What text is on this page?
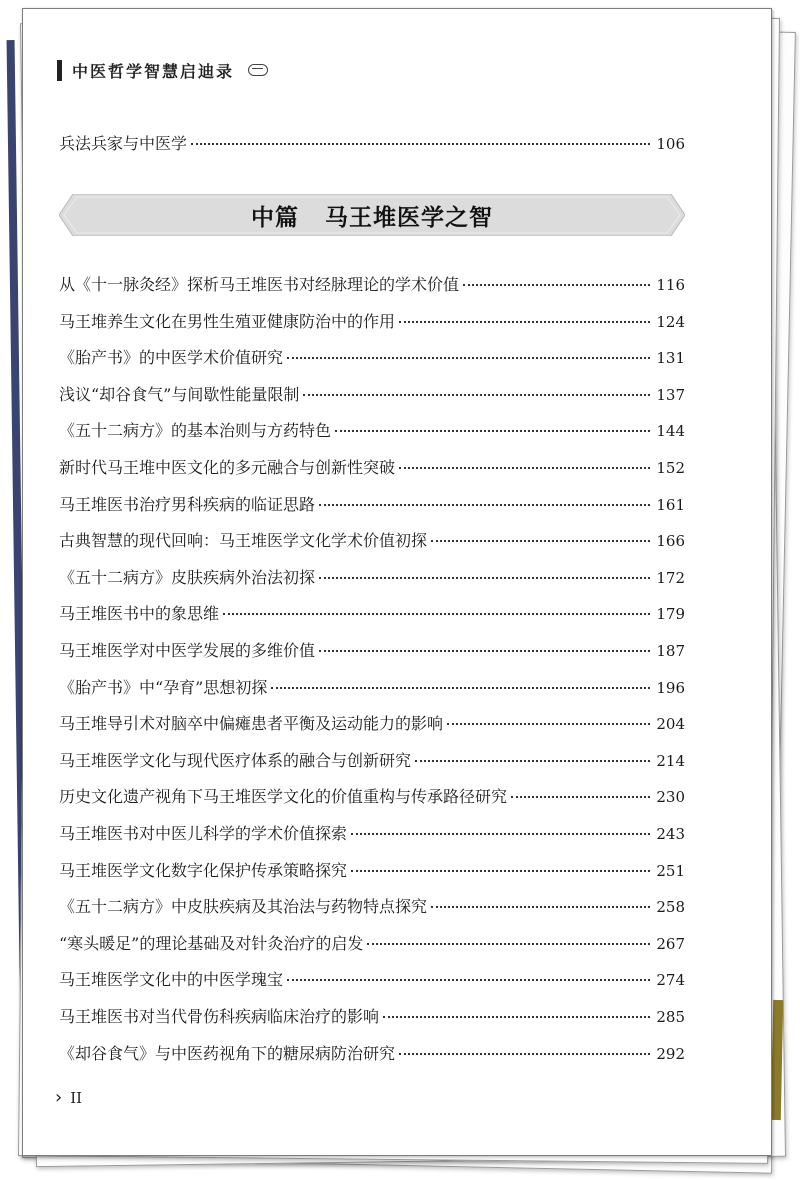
中医哲学智慧启迪录
兵法兵家与中医学	106
中篇 马王堆医学之智
从《十一脉灸经》探析马王堆医书对经脉理论的学术价值	116
马王堆养生文化在男性生殖亚健康防治中的作用	124
《胎产书》的中医学术价值研究	131
浅议“却谷食气”与间歇性能量限制	137
《五十二病方》的基本治则与方药特色	144
新时代马王堆中医文化的多元融合与创新性突破	152
马王堆医书治疗男科疾病的临证思路	161
古典智慧的现代回响：马王堆医学文化学术价值初探	166
《五十二病方》皮肤疾病外治法初探	172
马王堆医书中的象思维	179
马王堆医学对中医学发展的多维价值	187
《胎产书》中“孕育”思想初探	196
马王堆导引术对脑卒中偏瘫患者平衡及运动能力的影响	204
马王堆医学文化与现代医疗体系的融合与创新研究	214
历史文化遗产视角下马王堆医学文化的价值重构与传承路径研究	230
马王堆医书对中医儿科学的学术价值探索	243
马王堆医学文化数字化保护传承策略探究	251
《五十二病方》中皮肤疾病及其治法与药物特点探究	258
“寒头暖足”的理论基础及对针灸治疗的启发	267
马王堆医学文化中的中医学瑰宝	274
马王堆医书对当代骨伤科疾病临床治疗的影响	285
《却谷食气》与中医药视角下的糖尿病防治研究	292
› II
